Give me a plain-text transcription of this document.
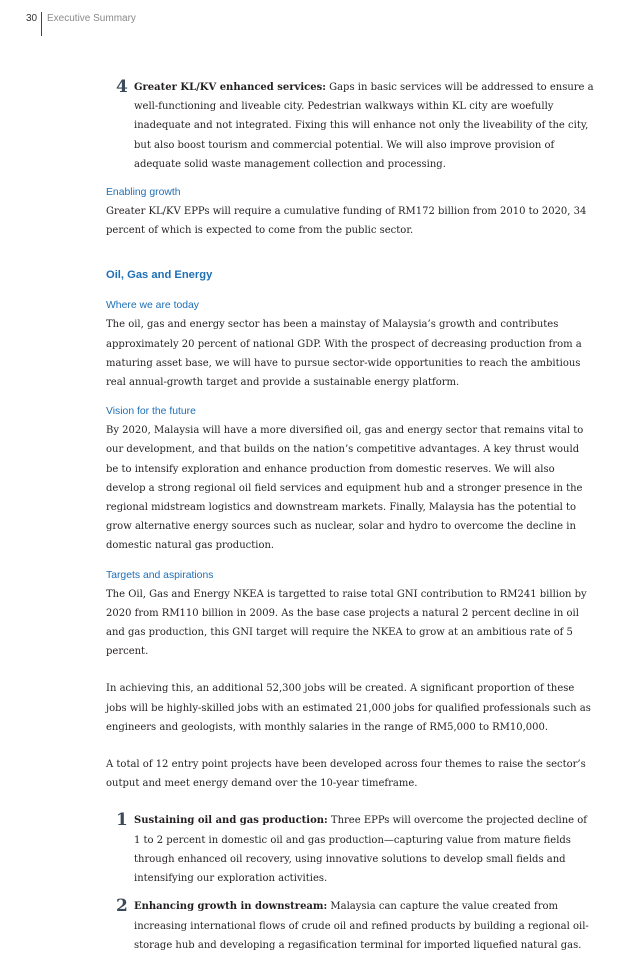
30 Executive Summary
4 Greater KL/KV enhanced services: Gaps in basic services will be addressed to ensure a well-functioning and liveable city. Pedestrian walkways within KL city are woefully inadequate and not integrated. Fixing this will enhance not only the liveability of the city, but also boost tourism and commercial potential. We will also improve provision of adequate solid waste management collection and processing.

Enabling growth

Greater KL/KV EPPs will require a cumulative funding of RM172 billion from 2010 to 2020, 34 percent of which is expected to come from the public sector.

Oil, Gas and Energy

Where we are today

The oil, gas and energy sector has been a mainstay of Malaysia’s growth and contributes approximately 20 percent of national GDP. With the prospect of decreasing production from a maturing asset base, we will have to pursue sector-wide opportunities to reach the ambitious real annual-growth target and provide a sustainable energy platform.

Vision for the future

By 2020, Malaysia will have a more diversified oil, gas and energy sector that remains vital to our development, and that builds on the nation’s competitive advantages. A key thrust would be to intensify exploration and enhance production from domestic reserves. We will also develop a strong regional oil field services and equipment hub and a stronger presence in the regional midstream logistics and downstream markets. Finally, Malaysia has the potential to grow alternative energy sources such as nuclear, solar and hydro to overcome the decline in domestic natural gas production.

Targets and aspirations

The Oil, Gas and Energy NKEA is targetted to raise total GNI contribution to RM241 billion by 2020 from RM110 billion in 2009. As the base case projects a natural 2 percent decline in oil and gas production, this GNI target will require the NKEA to grow at an ambitious rate of 5 percent.

In achieving this, an additional 52,300 jobs will be created. A significant proportion of these jobs will be highly-skilled jobs with an estimated 21,000 jobs for qualified professionals such as engineers and geologists, with monthly salaries in the range of RM5,000 to RM10,000.

A total of 12 entry point projects have been developed across four themes to raise the sector’s output and meet energy demand over the 10-year timeframe.

1 Sustaining oil and gas production: Three EPPs will overcome the projected decline of 1 to 2 percent in domestic oil and gas production—capturing value from mature fields through enhanced oil recovery, using innovative solutions to develop small fields and intensifying our exploration activities.

2 Enhancing growth in downstream: Malaysia can capture the value created from increasing international flows of crude oil and refined products by building a regional oil-storage hub and developing a regasification terminal for imported liquefied natural gas.
